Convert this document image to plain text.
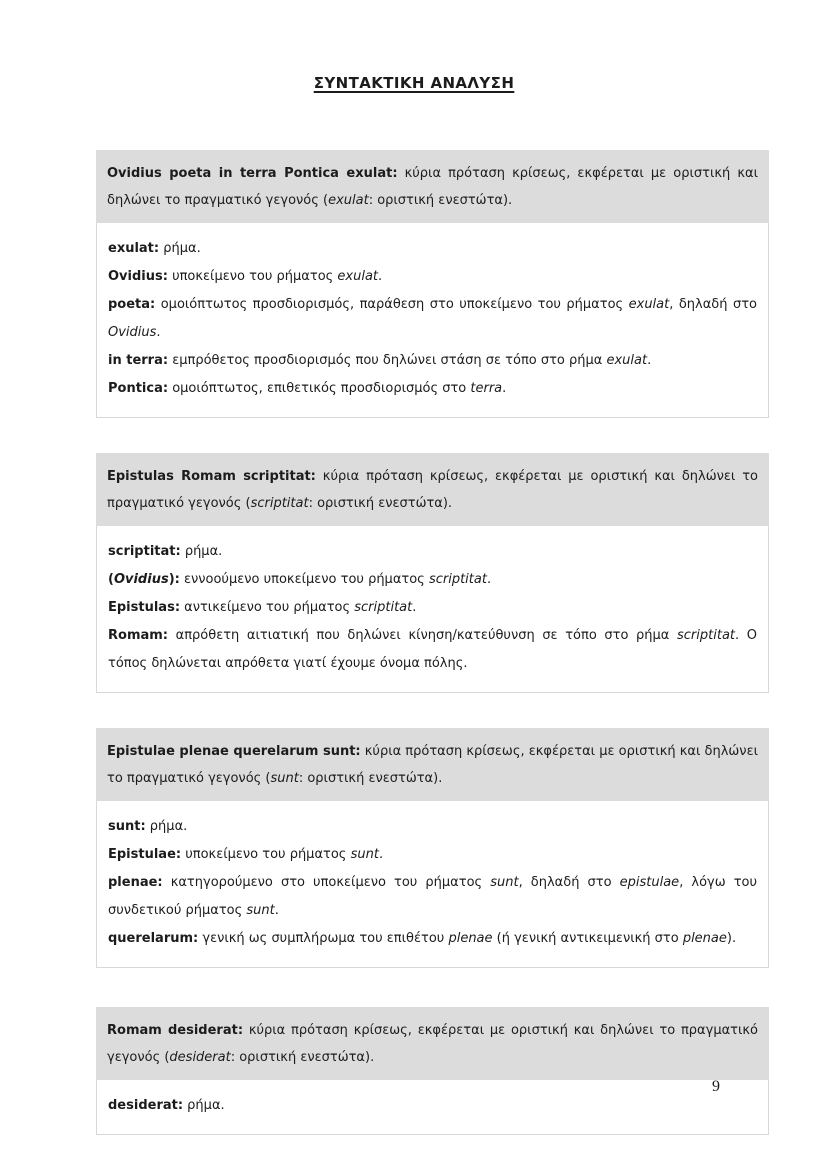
ΣΥΝΤΑΚΤΙΚΗ ΑΝΑΛΥΣΗ
Ovidius poeta in terra Pontica exulat: κύρια πρόταση κρίσεως, εκφέρεται με οριστική και δηλώνει το πραγματικό γεγονός (exulat: οριστική ενεστώτα).

exulat: ρήμα.

Ovidius: υποκείμενο του ρήματος exulat.

poeta: ομοιόπτωτος προσδιορισμός, παράθεση στο υποκείμενο του ρήματος exulat, δηλαδή στο Ovidius.

in terra: εμπρόθετος προσδιορισμός που δηλώνει στάση σε τόπο στο ρήμα exulat.

Pontica: ομοιόπτωτος, επιθετικός προσδιορισμός στο terra.

Epistulas Romam scriptitat: κύρια πρόταση κρίσεως, εκφέρεται με οριστική και δηλώνει το πραγματικό γεγονός (scriptitat: οριστική ενεστώτα).

scriptitat: ρήμα.

(Ovidius): εννοούμενο υποκείμενο του ρήματος scriptitat.

Epistulas: αντικείμενο του ρήματος scriptitat.

Romam: απρόθετη αιτιατική που δηλώνει κίνηση/κατεύθυνση σε τόπο στο ρήμα scriptitat. Ο τόπος δηλώνεται απρόθετα γιατί έχουμε όνομα πόλης.

Epistulae plenae querelarum sunt: κύρια πρόταση κρίσεως, εκφέρεται με οριστική και δηλώνει το πραγματικό γεγονός (sunt: οριστική ενεστώτα).

sunt: ρήμα.

Epistulae: υποκείμενο του ρήματος sunt.

plenae: κατηγορούμενο στο υποκείμενο του ρήματος sunt, δηλαδή στο epistulae, λόγω του συνδετικού ρήματος sunt.

querelarum: γενική ως συμπλήρωμα του επιθέτου plenae (ή γενική αντικειμενική στο plenae).

Romam desiderat: κύρια πρόταση κρίσεως, εκφέρεται με οριστική και δηλώνει το πραγματικό γεγονός (desiderat: οριστική ενεστώτα).

desiderat: ρήμα.

9
